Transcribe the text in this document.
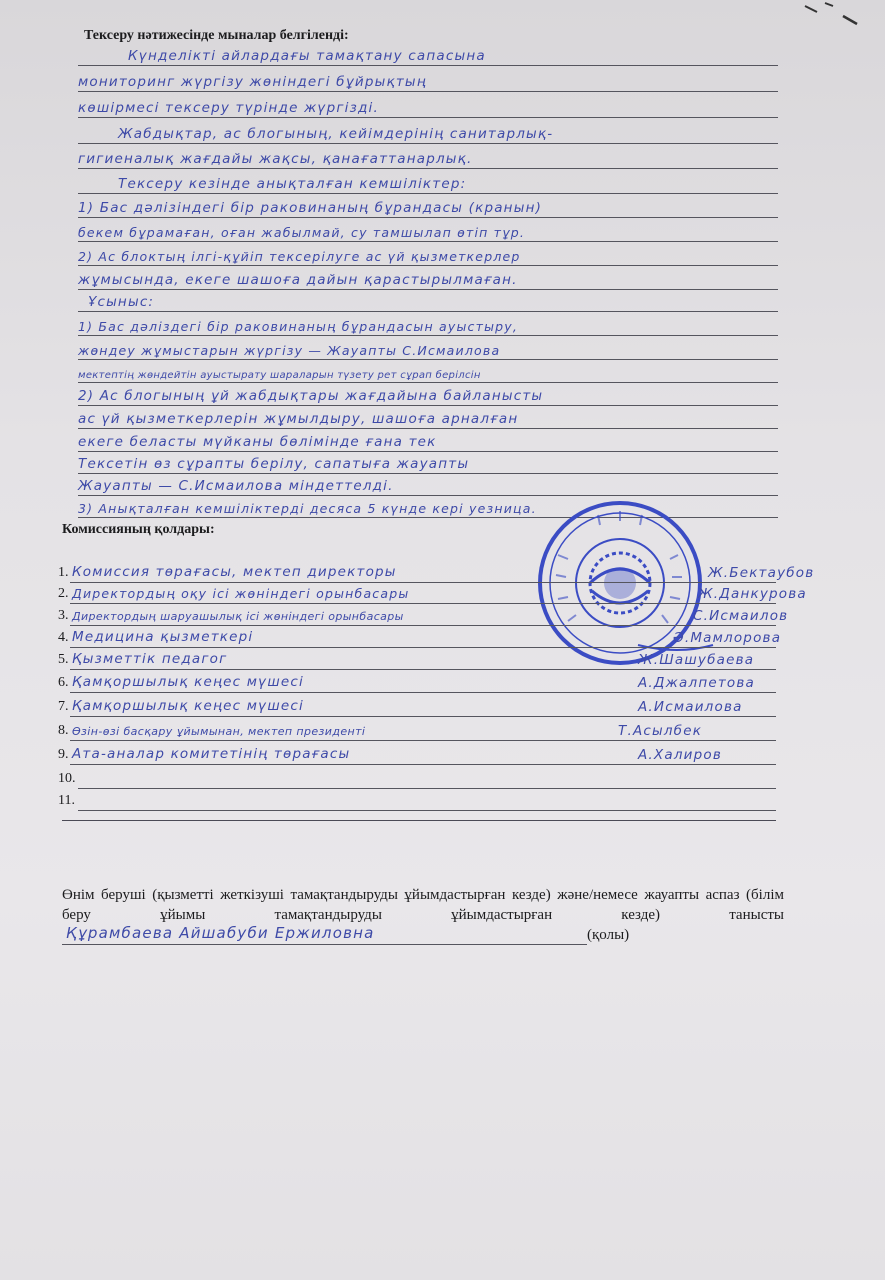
Тексеру нәтижесінде мыналар белгіленді:
Күнделікті айлардағы тамақтану сапасына
мониторинг жүргізу жөніндегі бұйрықтың
көшірмесі тексеру түрінде жүргізді.
Жабдықтар, ас блогының, кейімдерінің санитарлық-
гигиеналық жағдайы жақсы, қанағаттанарлық.
Тексеру кезінде анықталған кемшіліктер:
1) Бас дәлізіндегі бір раковинаның бұрандасы (кранын)
бекем бұрамаған, оған жабылмай, су тамшылап өтіп тұр.
2) Ас блоктың ілгі-құйіп тексерілуге ас үй қызметкерлер
жұмысында, екеге шашоға дайын қарастырылмаған.
Ұсыныс:
1) Бас дәліздегі бір раковинаның бұрандасын ауыстыру,
жөндеу жұмыстарын жүргізу — Жауапты С.Исмаилова
мектептің жөндейтін ауыстырату шараларын түзету рет сұрап берілсін
2) Ас блогының ұй жабдықтары жағдайына байланысты
ас үй қызметкерлерін жұмылдыру, шашоға арналған
екеге беласты мүйканы бөлімінде ғана тек
Тексетін өз сұрапты берілу, сапатыға жауапты
Жауапты — С.Исмаилова міндеттелді.
3) Анықталған кемшіліктерді десяса 5 күнде кері уезница.
Комиссияның қолдары:
1. Комиссия төрағасы, мектеп директоры	Ж.Бектаубов
2. Директордың оқу ісі жөніндегі орынбасары	Ж.Данкурова
3. Директордың шаруашылық ісі жөніндегі орынбасары	С.Исмаилов
4. Медицина қызметкері	Ә.Мамлорова
5. Қызметтік педагог	Ж.Шашубаева
6. Қамқоршылық кеңес мүшесі	А.Джалпетова
7. Қамқоршылық кеңес мүшесі	А.Исмаилова
8. Өзін-өзі басқару ұйымынан, мектеп президенті	Т.Асылбек
9. Ата-аналар комитетінің төрағасы	А.Халиров
10.
11.
Өнім беруші (қызметті жеткізуші тамақтандыруды ұйымдастырған кезде) және/немесе жауапты аспаз (білім беру ұйымы тамақтандыруды ұйымдастырған кезде) танысты
Құрамбаева Айшабуби Ержиловна	(қолы)
